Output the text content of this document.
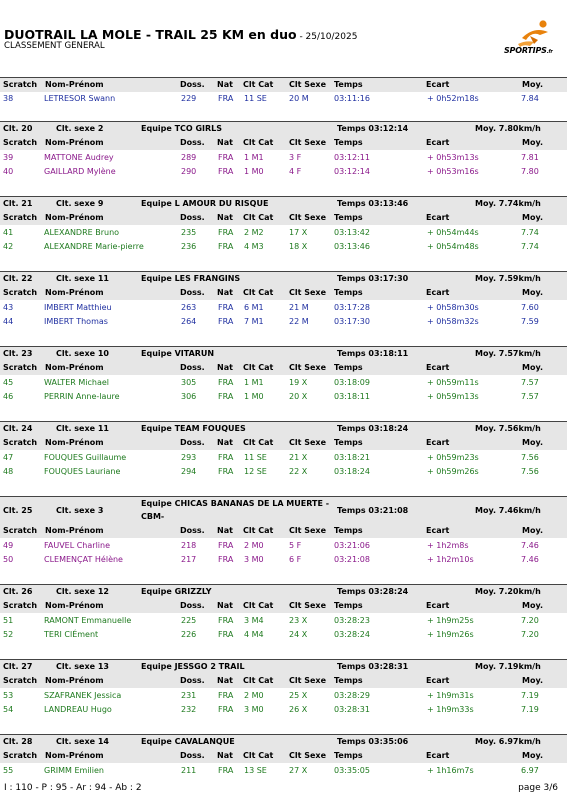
DUOTRAIL LA MOLE - TRAIL 25 KM en duo - 25/10/2025
CLASSEMENT GENERAL	SPORTIPS.fr
Scratch Nom-Prénom	Doss. Nat Clt Cat Clt Sexe Temps	Ecart	Moy.
38	LETRESOR Swann	229	FRA 11 SE	20 M	03:11:16	+ 0h52m18s	7.84
Clt. 20	Clt. sexe 2	Equipe TCO GIRLS	Temps 03:12:14	Moy. 7.80km/h
Scratch Nom-Prénom	Doss. Nat Clt Cat Clt Sexe Temps	Ecart	Moy.
39	MATTONE Audrey	289	FRA 1 M1	3 F	03:12:11	+ 0h53m13s	7.81
40	GAILLARD Mylène	290	FRA 1 M0	4 F	03:12:14	+ 0h53m16s	7.80
Clt. 21	Clt. sexe 9	Equipe L AMOUR DU RISQUE	Temps 03:13:46	Moy. 7.74km/h
Scratch Nom-Prénom	Doss. Nat Clt Cat Clt Sexe Temps	Ecart	Moy.
41	ALEXANDRE Bruno	235	FRA 2 M2	17 X	03:13:42	+ 0h54m44s	7.74
42	ALEXANDRE Marie-pierre	236	FRA 4 M3	18 X	03:13:46	+ 0h54m48s	7.74
Clt. 22	Clt. sexe 11	Equipe LES FRANGINS	Temps 03:17:30	Moy. 7.59km/h
Scratch Nom-Prénom	Doss. Nat Clt Cat Clt Sexe Temps	Ecart	Moy.
43	IMBERT Matthieu	263	FRA 6 M1	21 M	03:17:28	+ 0h58m30s	7.60
44	IMBERT Thomas	264	FRA 7 M1	22 M	03:17:30	+ 0h58m32s	7.59
Clt. 23	Clt. sexe 10	Equipe VITARUN	Temps 03:18:11	Moy. 7.57km/h
Scratch Nom-Prénom	Doss. Nat Clt Cat Clt Sexe Temps	Ecart	Moy.
45	WALTER Michael	305	FRA 1 M1	19 X	03:18:09	+ 0h59m11s	7.57
46	PERRIN Anne-laure	306	FRA 1 M0	20 X	03:18:11	+ 0h59m13s	7.57
Clt. 24	Clt. sexe 11	Equipe TEAM FOUQUES	Temps 03:18:24	Moy. 7.56km/h
Scratch Nom-Prénom	Doss. Nat Clt Cat Clt Sexe Temps	Ecart	Moy.
47	FOUQUES Guillaume	293	FRA 11 SE	21 X	03:18:21	+ 0h59m23s	7.56
48	FOUQUES Lauriane	294	FRA 12 SE	22 X	03:18:24	+ 0h59m26s	7.56
Clt. 25	Clt. sexe 3
Equipe CHICAS BANANAS DE LA MUERTE -
CBM-
Temps 03:21:08	Moy. 7.46km/h
Scratch Nom-Prénom	Doss. Nat Clt Cat Clt Sexe Temps	Ecart	Moy.
49	FAUVEL Charline	218	FRA 2 M0	5 F	03:21:06	+ 1h2m8s	7.46
50	CLEMENÇAT Hélène	217	FRA 3 M0	6 F	03:21:08	+ 1h2m10s	7.46
Clt. 26	Clt. sexe 12	Equipe GRIZZLY	Temps 03:28:24	Moy. 7.20km/h
Scratch Nom-Prénom	Doss. Nat Clt Cat Clt Sexe Temps	Ecart	Moy.
51	RAMONT Emmanuelle	225	FRA 3 M4	23 X	03:28:23	+ 1h9m25s	7.20
52	TERI ClÉment	226	FRA 4 M4	24 X	03:28:24	+ 1h9m26s	7.20
Clt. 27	Clt. sexe 13	Equipe JESSGO 2 TRAIL	Temps 03:28:31	Moy. 7.19km/h
Scratch Nom-Prénom	Doss. Nat Clt Cat Clt Sexe Temps	Ecart	Moy.
53	SZAFRANEK Jessica	231	FRA 2 M0	25 X	03:28:29	+ 1h9m31s	7.19
54	LANDREAU Hugo	232	FRA 3 M0	26 X	03:28:31	+ 1h9m33s	7.19
Clt. 28	Clt. sexe 14	Equipe CAVALANQUE	Temps 03:35:06	Moy. 6.97km/h
Scratch Nom-Prénom	Doss. Nat Clt Cat Clt Sexe Temps	Ecart	Moy.
55	GRIMM Emilien	211	FRA 13 SE	27 X	03:35:05	+ 1h16m7s	6.97
I : 110 - P : 95 - Ar : 94 - Ab : 2	page 3/6
